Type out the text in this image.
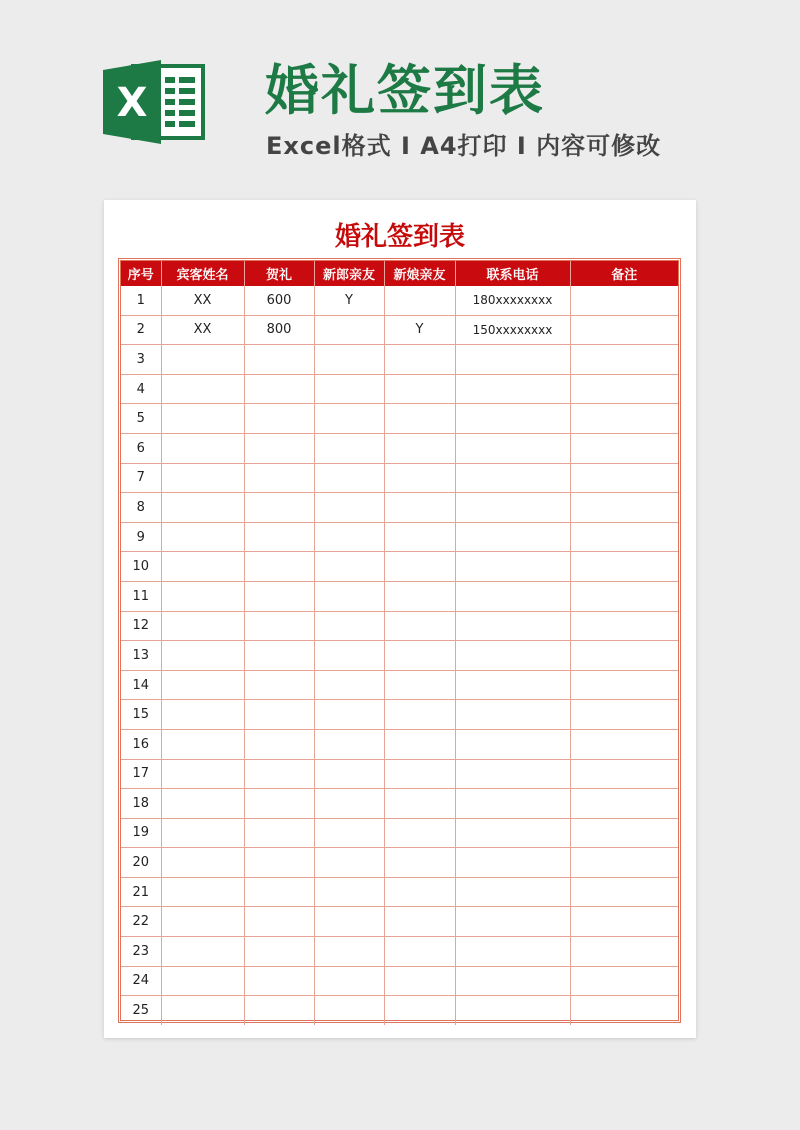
X 婚礼签到表
Excel格式 I A4打印 I 内容可修改
婚礼签到表
序号	宾客姓名	贺礼	新郎亲友	新娘亲友	联系电话	备注
1	XX	600	Y		180xxxxxxxx	
2	XX	800		Y	150xxxxxxxx	
3						
4						
5						
6						
7						
8						
9						
10						
11						
12						
13						
14						
15						
16						
17						
18						
19						
20						
21						
22						
23						
24						
25						
